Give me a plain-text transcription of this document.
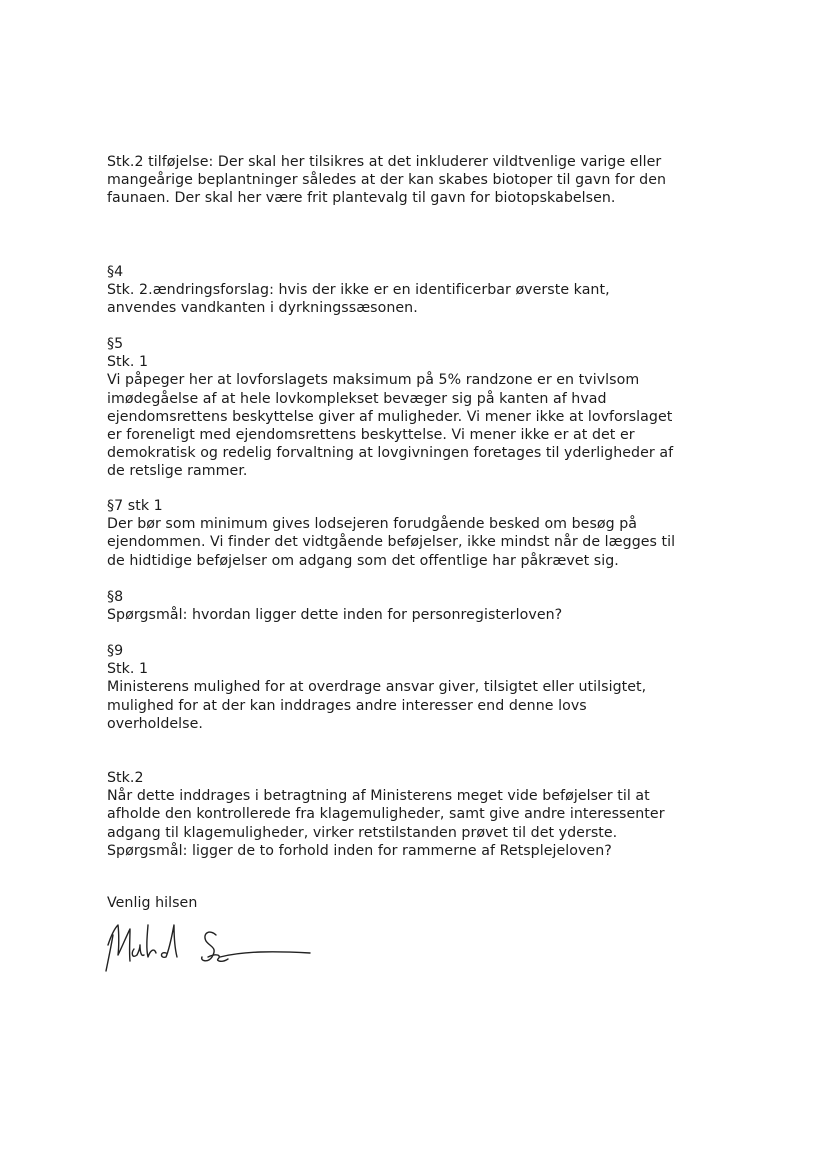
Stk.2 tilføjelse: Der skal her tilsikres at det inkluderer vildtvenlige varige eller
mangeårige beplantninger således at der kan skabes biotoper til gavn for den
faunaen. Der skal her være frit plantevalg til gavn for biotopskabelsen.
§4
Stk. 2.ændringsforslag: hvis der ikke er en identificerbar øverste kant,
anvendes vandkanten i dyrkningssæsonen.
§5
Stk. 1
Vi påpeger her at lovforslagets maksimum på 5% randzone er en tvivlsom
imødegåelse af at hele lovkomplekset bevæger sig på kanten af hvad
ejendomsrettens beskyttelse giver af muligheder. Vi mener ikke at lovforslaget
er foreneligt med ejendomsrettens beskyttelse. Vi mener ikke er at det er
demokratisk og redelig forvaltning at lovgivningen foretages til yderligheder af
de retslige rammer.
§7 stk 1
Der bør som minimum gives lodsejeren forudgående besked om besøg på
ejendommen. Vi finder det vidtgående beføjelser, ikke mindst når de lægges til
de hidtidige beføjelser om adgang som det offentlige har påkrævet sig.
§8
Spørgsmål: hvordan ligger dette inden for personregisterloven?
§9
Stk. 1
Ministerens mulighed for at overdrage ansvar giver, tilsigtet eller utilsigtet,
mulighed for at der kan inddrages andre interesser end denne lovs
overholdelse.
Stk.2
Når dette inddrages i betragtning af Ministerens meget vide beføjelser til at
afholde den kontrollerede fra klagemuligheder, samt give andre interessenter
adgang til klagemuligheder, virker retstilstanden prøvet til det yderste.
Spørgsmål: ligger de to forhold inden for rammerne af Retsplejeloven?
Venlig hilsen
